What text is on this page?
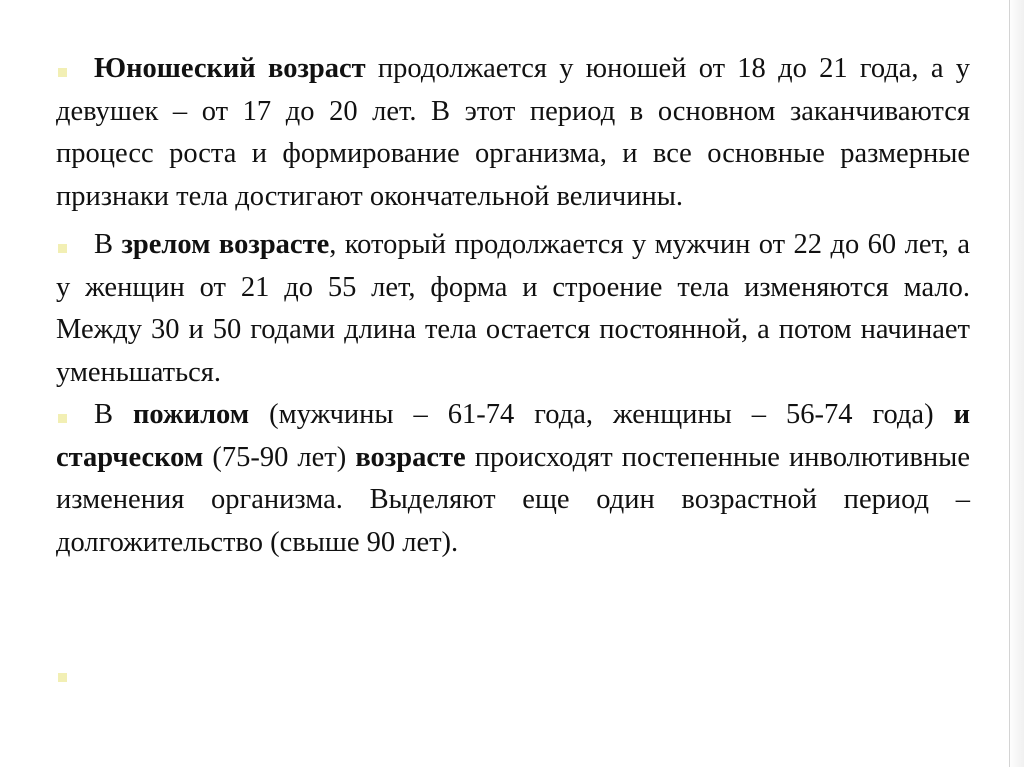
Юношеский возраст продолжается у юношей от 18 до 21 года, а у девушек – от 17 до 20 лет. В этот период в основном заканчиваются процесс роста и формирование организма, и все основные размерные признаки тела достигают окончательной величины.

В зрелом возрасте, который продолжается у мужчин от 22 до 60 лет, а у женщин от 21 до 55 лет, форма и строение тела изменяются мало. Между 30 и 50 годами длина тела остается постоянной, а потом начинает уменьшаться.

В пожилом (мужчины – 61-74 года, женщины – 56-74 года) и старческом (75-90 лет) возрасте происходят постепенные инволютивные изменения организма. Выделяют еще один возрастной период – долгожительство (свыше 90 лет).
